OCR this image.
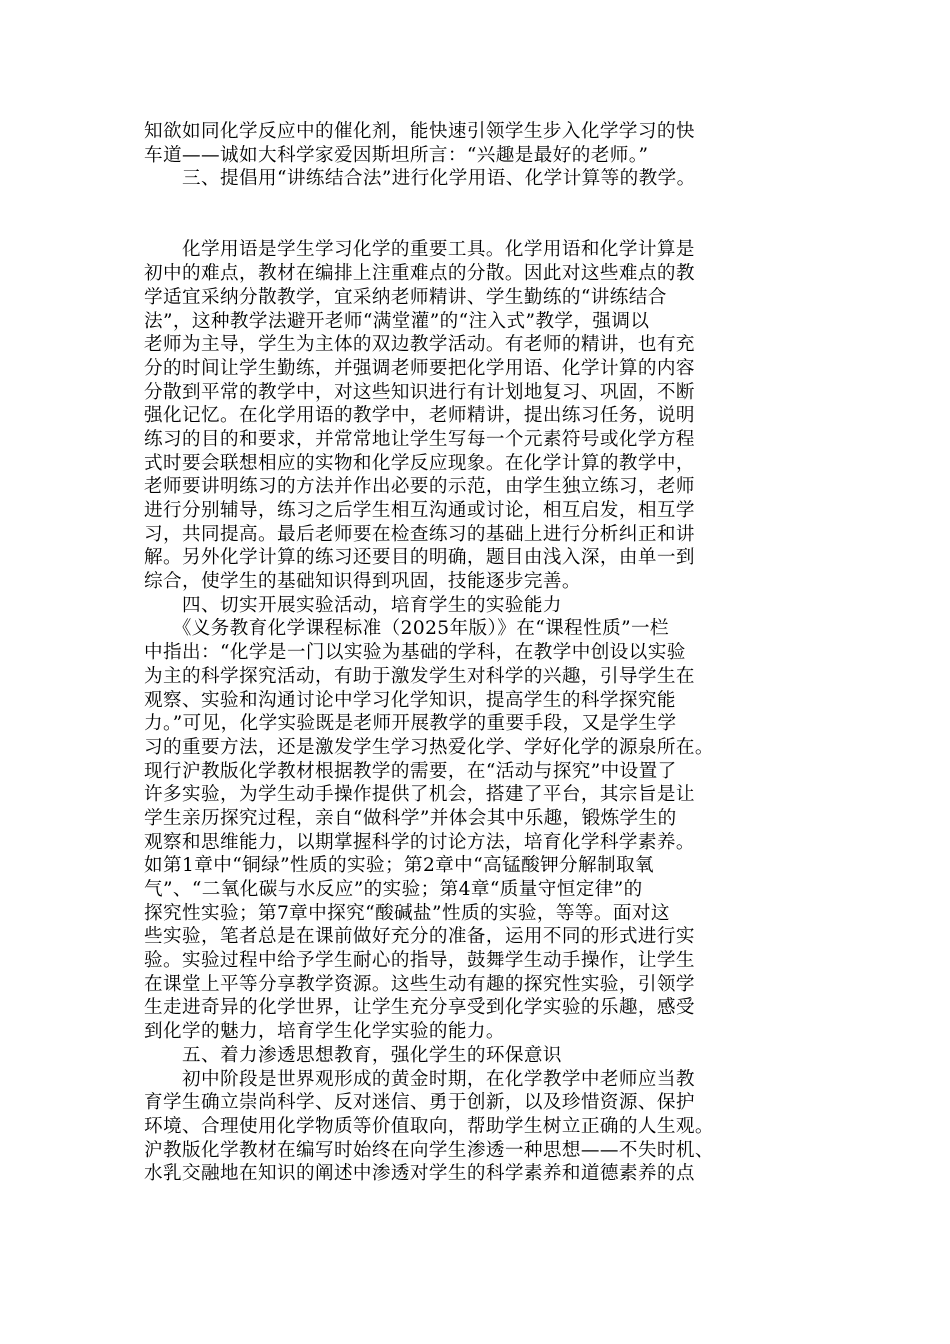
知欲如同化学反应中的催化剂，能快速引领学生步入化学学习的快
车道——诚如大科学家爱因斯坦所言：“兴趣是最好的老师。”
　　三、提倡用“讲练结合法”进行化学用语、化学计算等的教学。
　　化学用语是学生学习化学的重要工具。化学用语和化学计算是
初中的难点，教材在编排上注重难点的分散。因此对这些难点的教
学适宜采纳分散教学，宜采纳老师精讲、学生勤练的“讲练结合
法”，这种教学法避开老师“满堂灌”的“注入式”教学，强调以
老师为主导，学生为主体的双边教学活动。有老师的精讲，也有充
分的时间让学生勤练，并强调老师要把化学用语、化学计算的内容
分散到平常的教学中，对这些知识进行有计划地复习、巩固，不断
强化记忆。在化学用语的教学中，老师精讲，提出练习任务，说明
练习的目的和要求，并常常地让学生写每一个元素符号或化学方程
式时要会联想相应的实物和化学反应现象。在化学计算的教学中，
老师要讲明练习的方法并作出必要的示范，由学生独立练习，老师
进行分别辅导，练习之后学生相互沟通或讨论，相互启发，相互学
习，共同提高。最后老师要在检查练习的基础上进行分析纠正和讲
解。另外化学计算的练习还要目的明确，题目由浅入深，由单一到
综合，使学生的基础知识得到巩固，技能逐步完善。
　　四、切实开展实验活动，培育学生的实验能力
　　《义务教育化学课程标准（2025年版）》在“课程性质”一栏
中指出：“化学是一门以实验为基础的学科，在教学中创设以实验
为主的科学探究活动，有助于激发学生对科学的兴趣，引导学生在
观察、实验和沟通讨论中学习化学知识，提高学生的科学探究能
力。”可见，化学实验既是老师开展教学的重要手段，又是学生学
习的重要方法，还是激发学生学习热爱化学、学好化学的源泉所在。
现行沪教版化学教材根据教学的需要，在“活动与探究”中设置了
许多实验，为学生动手操作提供了机会，搭建了平台，其宗旨是让
学生亲历探究过程，亲自“做科学”并体会其中乐趣，锻炼学生的
观察和思维能力，以期掌握科学的讨论方法，培育化学科学素养。
如第1章中“铜绿”性质的实验；第2章中“高锰酸钾分解制取氧
气”、“二氧化碳与水反应”的实验；第4章“质量守恒定律”的
探究性实验；第7章中探究“酸碱盐”性质的实验，等等。面对这
些实验，笔者总是在课前做好充分的准备，运用不同的形式进行实
验。实验过程中给予学生耐心的指导，鼓舞学生动手操作，让学生
在课堂上平等分享教学资源。这些生动有趣的探究性实验，引领学
生走进奇异的化学世界，让学生充分享受到化学实验的乐趣，感受
到化学的魅力，培育学生化学实验的能力。
　　五、着力渗透思想教育，强化学生的环保意识
　　初中阶段是世界观形成的黄金时期，在化学教学中老师应当教
育学生确立崇尚科学、反对迷信、勇于创新，以及珍惜资源、保护
环境、合理使用化学物质等价值取向，帮助学生树立正确的人生观。
沪教版化学教材在编写时始终在向学生渗透一种思想——不失时机、
水乳交融地在知识的阐述中渗透对学生的科学素养和道德素养的点
